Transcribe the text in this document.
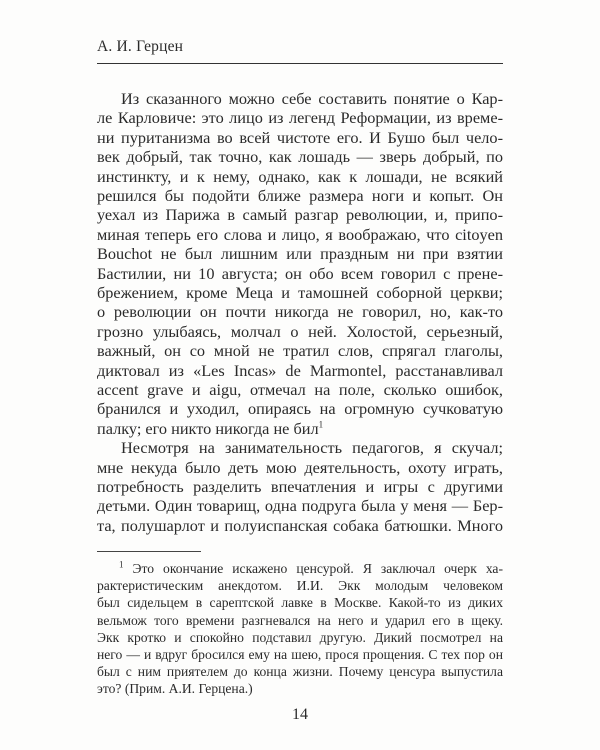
А. И. Герцен
Из сказанного можно себе составить понятие о Кар-
ле Карловиче: это лицо из легенд Реформации, из време-
ни пуританизма во всей чистоте его. И Бушо был чело-
век добрый, так точно, как лошадь — зверь добрый, по
инстинкту, и к нему, однако, как к лошади, не всякий
решился бы подойти ближе размера ноги и копыт. Он
уехал из Парижа в самый разгар революции, и, припо-
миная теперь его слова и лицо, я воображаю, что citoyen
Bouchot не был лишним или праздным ни при взятии
Бастилии, ни 10 августа; он обо всем говорил с прене-
брежением, кроме Меца и тамошней соборной церкви;
о революции он почти никогда не говорил, но, как-то
грозно улыбаясь, молчал о ней. Холостой, серьезный,
важный, он со мной не тратил слов, спрягал глаголы,
диктовал из «Les Incas» de Marmontel, расстанавливал
accent grave и aigu, отмечал на поле, сколько ошибок,
бранился и уходил, опираясь на огромную сучковатую
палку; его никто никогда не бил$^1$
Несмотря на занимательность педагогов, я скучал;
мне некуда было деть мою деятельность, охоту играть,
потребность разделить впечатления и игры с другими
детьми. Один товарищ, одна подруга была у меня — Бер-
та, полушарлот и полуиспанская собака батюшки. Много
$^1$ Это окончание искажено ценсурой. Я заключал очерк ха-
рактеристическим анекдотом. И.И. Экк молодым человеком
был сидельцем в сарептской лавке в Москве. Какой-то из диких
вельмож того времени разгневался на него и ударил его в щеку.
Экк кротко и спокойно подставил другую. Дикий посмотрел на
него — и вдруг бросился ему на шею, прося прощения. С тех пор он
был с ним приятелем до конца жизни. Почему ценсура выпустила
это? (Прим. А.И. Герцена.)
14
